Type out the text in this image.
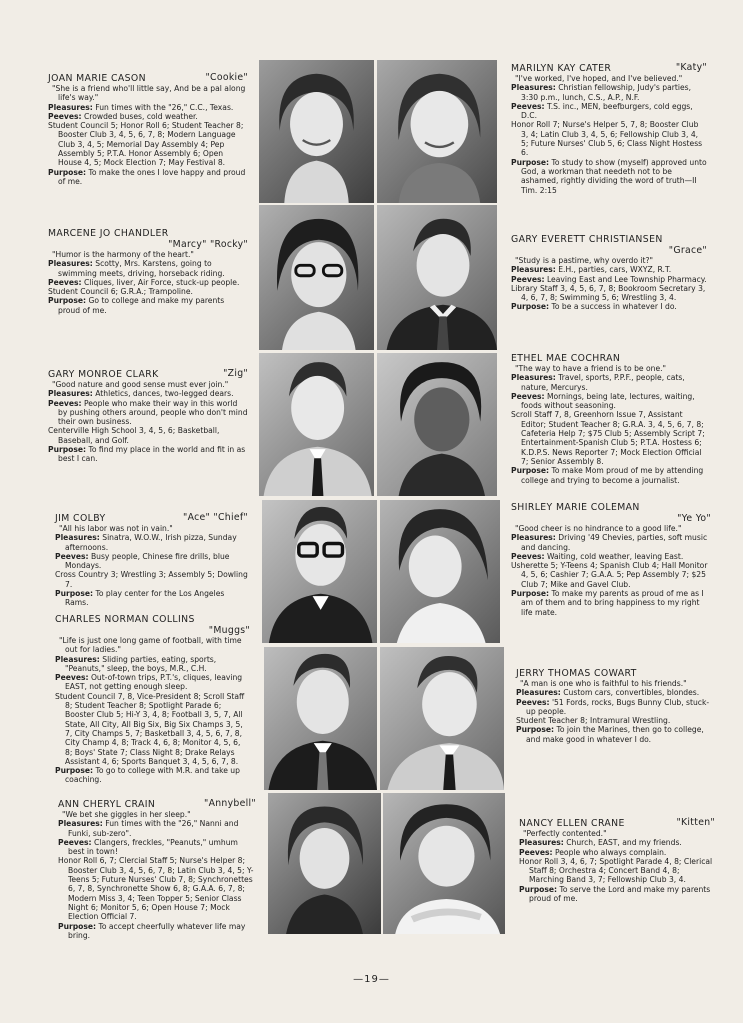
"Cookie"
JOAN MARIE CASON
"She is a friend who'll little say, And be a pal along life's way."
Pleasures: Fun times with the "26," C.C., Texas.
Peeves: Crowded buses, cold weather.
Student Council 5; Honor Roll 6; Student Teacher 8; Booster Club 3, 4, 5, 6, 7, 8; Modern Language Club 3, 4, 5; Memorial Day Assembly 4; Pep Assembly 5; P.T.A. Honor Assembly 6; Open House 4, 5; Mock Election 7; May Festival 8.
Purpose: To make the ones I love happy and proud of me.
MARCENE JO CHANDLER
"Marcy" "Rocky"
"Humor is the harmony of the heart."
Pleasures: Scotty, Mrs. Karstens, going to swimming meets, driving, horseback riding.
Peeves: Cliques, liver, Air Force, stuck-up people.
Student Council 6; G.R.A.; Trampoline.
Purpose: Go to college and make my parents proud of me.
"Zig"
GARY MONROE CLARK
"Good nature and good sense must ever join."
Pleasures: Athletics, dances, two-legged dears.
Peeves: People who make their way in this world by pushing others around, people who don't mind their own business.
Centerville High School 3, 4, 5, 6; Basketball, Baseball, and Golf.
Purpose: To find my place in the world and fit in as best I can.
"Ace" "Chief"
JIM COLBY
"All his labor was not in vain."
Pleasures: Sinatra, W.O.W., Irish pizza, Sunday afternoons.
Peeves: Busy people, Chinese fire drills, blue Mondays.
Cross Country 3; Wrestling 3; Assembly 5; Dowling 7.
Purpose: To play center for the Los Angeles Rams.
CHARLES NORMAN COLLINS
"Muggs"
"Life is just one long game of football, with time out for ladies."
Pleasures: Sliding parties, eating, sports, "Peanuts," sleep, the boys, M.R., C.H.
Peeves: Out-of-town trips, P.T.'s, cliques, leaving EAST, not getting enough sleep.
Student Council 7, 8, Vice-President 8; Scroll Staff 8; Student Teacher 8; Spotlight Parade 6; Booster Club 5; Hi-Y 3, 4, 8; Football 3, 5, 7, All State, All City, All Big Six, Big Six Champs 3, 5, 7, City Champs 5, 7; Basketball 3, 4, 5, 6, 7, 8, City Champ 4, 8; Track 4, 6, 8; Monitor 4, 5, 6, 8; Boys' State 7; Class Night 8; Drake Relays Assistant 4, 6; Sports Banquet 3, 4, 5, 6, 7, 8.
Purpose: To go to college with M.R. and take up coaching.
"Annybell"
ANN CHERYL CRAIN
"We bet she giggles in her sleep."
Pleasures: Fun times with the "26," Nanni and Funki, sub-zero".
Peeves: Clangers, freckles, "Peanuts," umhum best in town!
Honor Roll 6, 7; Clercial Staff 5; Nurse's Helper 8; Booster Club 3, 4, 5, 6, 7, 8; Latin Club 3, 4, 5; Y-Teens 5; Future Nurses' Club 7, 8; Synchronettes 6, 7, 8, Synchronette Show 6, 8; G.A.A. 6, 7, 8; Modern Miss 3, 4; Teen Topper 5; Senior Class Night 6; Monitor 5, 6; Open House 7; Mock Election Official 7.
Purpose: To accept cheerfully whatever life may bring.
"Katy"
MARILYN KAY CATER
"I've worked, I've hoped, and I've believed."
Pleasures: Christian fellowship, Judy's parties, 3:30 p.m., lunch, C.S., A.P., N.F.
Peeves: T.S. inc., MEN, beefburgers, cold eggs, D.C.
Honor Roll 7; Nurse's Helper 5, 7, 8; Booster Club 3, 4; Latin Club 3, 4, 5, 6; Fellowship Club 3, 4, 5; Future Nurses' Club 5, 6; Class Night Hostess 6.
Purpose: To study to show (myself) approved unto God, a workman that needeth not to be ashamed, rightly dividing the word of truth—II Tim. 2:15
GARY EVERETT CHRISTIANSEN
"Grace"
"Study is a pastime, why overdo it?"
Pleasures: E.H., parties, cars, WXYZ, R.T.
Peeves: Leaving East and Lee Township Pharmacy.
Library Staff 3, 4, 5, 6, 7, 8; Bookroom Secretary 3, 4, 6, 7, 8; Swimming 5, 6; Wrestling 3, 4.
Purpose: To be a success in whatever I do.
ETHEL MAE COCHRAN
"The way to have a friend is to be one."
Pleasures: Travel, sports, P.P.F., people, cats, nature, Mercurys.
Peeves: Mornings, being late, lectures, waiting, foods without seasoning.
Scroll Staff 7, 8, Greenhorn Issue 7, Assistant Editor; Student Teacher 8; G.R.A. 3, 4, 5, 6, 7, 8; Cafeteria Help 7; $75 Club 5; Assembly Script 7; Entertainment-Spanish Club 5; P.T.A. Hostess 6; K.D.P.S. News Reporter 7; Mock Election Official 7; Senior Assembly 8.
Purpose: To make Mom proud of me by attending college and trying to become a journalist.
SHIRLEY MARIE COLEMAN
"Ye Yo"
"Good cheer is no hindrance to a good life."
Pleasures: Driving '49 Chevies, parties, soft music and dancing.
Peeves: Waiting, cold weather, leaving East.
Usherette 5; Y-Teens 4; Spanish Club 4; Hall Monitor 4, 5, 6; Cashier 7; G.A.A. 5; Pep Assembly 7; $25 Club 7; Mike and Gavel Club.
Purpose: To make my parents as proud of me as I am of them and to bring happiness to my right life mate.
JERRY THOMAS COWART
"A man is one who is faithful to his friends."
Pleasures: Custom cars, convertibles, blondes.
Peeves: '51 Fords, rocks, Bugs Bunny Club, stuck-up people.
Student Teacher 8; Intramural Wrestling.
Purpose: To join the Marines, then go to college, and make good in whatever I do.
"Kitten"
NANCY ELLEN CRANE
"Perfectly contented."
Pleasures: Church, EAST, and my friends.
Peeves: People who always complain.
Honor Roll 3, 4, 6, 7; Spotlight Parade 4, 8; Clerical Staff 8; Orchestra 4; Concert Band 4, 8; Marching Band 3, 7; Fellowship Club 3, 4.
Purpose: To serve the Lord and make my parents proud of me.
—19—
